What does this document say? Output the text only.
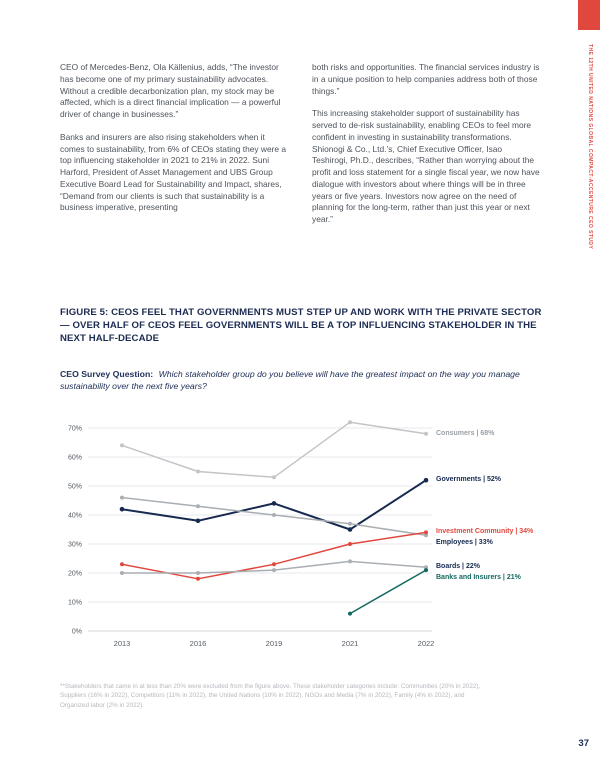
THE 12TH UNITED NATIONS GLOBAL COMPACT-ACCENTURE CEO STUDY

CEO of Mercedes-Benz, Ola Källenius, adds, “The investor has become one of my primary sustainability advocates. Without a credible decarbonization plan, my stock may be affected, which is a direct financial implication — a powerful driver of change in businesses.”

Banks and insurers are also rising stakeholders when it comes to sustainability, from 6% of CEOs stating they were a top influencing stakeholder in 2021 to 21% in 2022. Suni Harford, President of Asset Management and UBS Group Executive Board Lead for Sustainability and Impact, shares, “Demand from our clients is such that sustainability is a business imperative, presenting

both risks and opportunities. The financial services industry is in a unique position to help companies address both of those things.”

This increasing stakeholder support of sustainability has served to de-risk sustainability, enabling CEOs to feel more confident in investing in sustainability transformations. Shionogi & Co., Ltd.’s, Chief Executive Officer, Isao Teshirogi, Ph.D., describes, “Rather than worrying about the profit and loss statement for a single fiscal year, we now have dialogue with investors about where things will be in three years or five years. Investors now agree on the need of planning for the long-term, rather than just this year or next year.”

FIGURE 5: CEOS FEEL THAT GOVERNMENTS MUST STEP UP AND WORK WITH THE PRIVATE SECTOR — OVER HALF OF CEOS FEEL GOVERNMENTS WILL BE A TOP INFLUENCING STAKEHOLDER IN THE NEXT HALF-DECADE

CEO Survey Question: Which stakeholder group do you believe will have the greatest impact on the way you manage sustainability over the next five years?

0%
10%
20%
30%
40%
50%
60%
70%
2013	2016	2019	2021	2022
Consumers | 68%
Governments | 52%
Investment Community | 34%
Employees | 33%
Boards | 22%
Banks and Insurers | 21%

**Stakeholders that came in at less than 20% were excluded from the figure above. These stakeholder categories include: Communities (20% in 2022), Suppliers (16% in 2022), Competitors (11% in 2022), the United Nations (10% in 2022), NGOs and Media (7% in 2022), Family (4% in 2022), and Organized labor (2% in 2022).

37
